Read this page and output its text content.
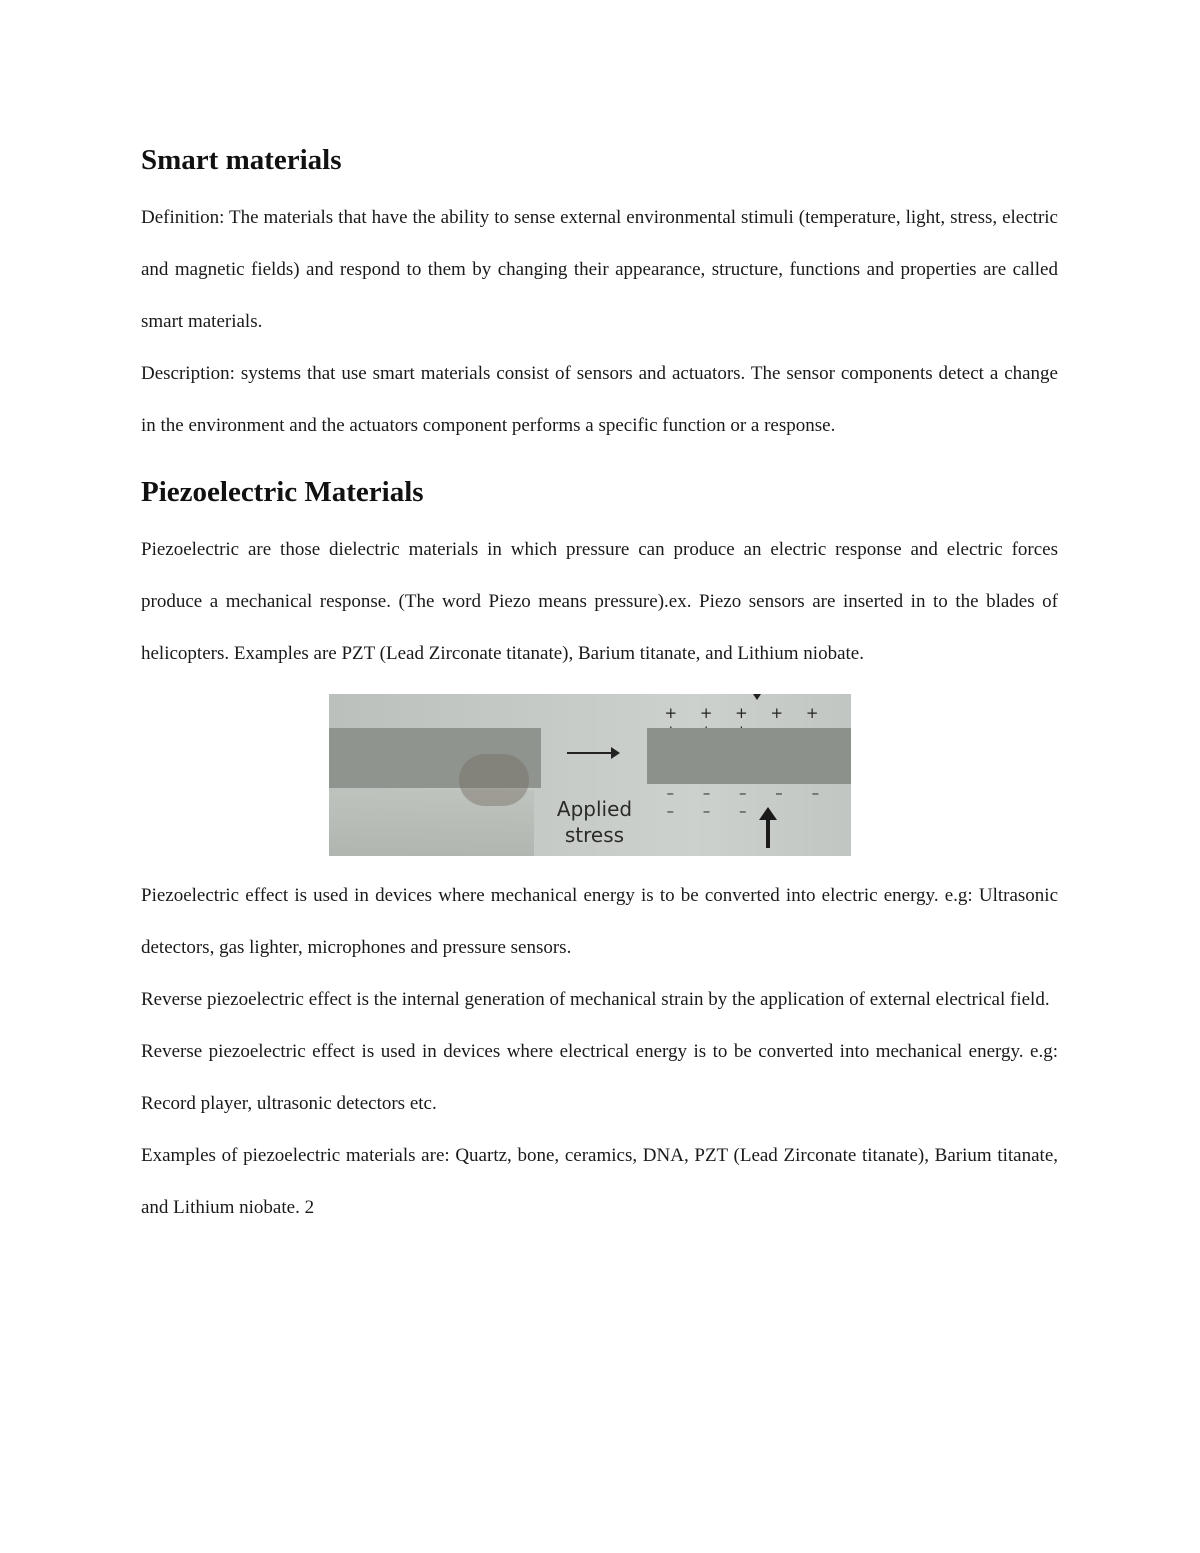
Smart materials

Definition: The materials that have the ability to sense external environmental stimuli (temperature, light, stress, electric and magnetic fields) and respond to them by changing their appearance, structure, functions and properties are called smart materials.

Description: systems that use smart materials consist of sensors and actuators. The sensor components detect a change in the environment and the actuators component performs a specific function or a response.

Piezoelectric Materials

Piezoelectric are those dielectric materials in which pressure can produce an electric response and electric forces produce a mechanical response. (The word Piezo means pressure).ex. Piezo sensors are inserted in to the blades of helicopters. Examples are PZT (Lead Zirconate titanate), Barium titanate, and Lithium niobate.

+ + + + +
– – – – – – – –
Applied stress

Piezoelectric effect is used in devices where mechanical energy is to be converted into electric energy. e.g: Ultrasonic detectors, gas lighter, microphones and pressure sensors.

Reverse piezoelectric effect is the internal generation of mechanical strain by the application of external electrical field.

Reverse piezoelectric effect is used in devices where electrical energy is to be converted into mechanical energy. e.g: Record player, ultrasonic detectors etc.

Examples of piezoelectric materials are: Quartz, bone, ceramics, DNA, PZT (Lead Zirconate titanate), Barium titanate, and Lithium niobate. 2
